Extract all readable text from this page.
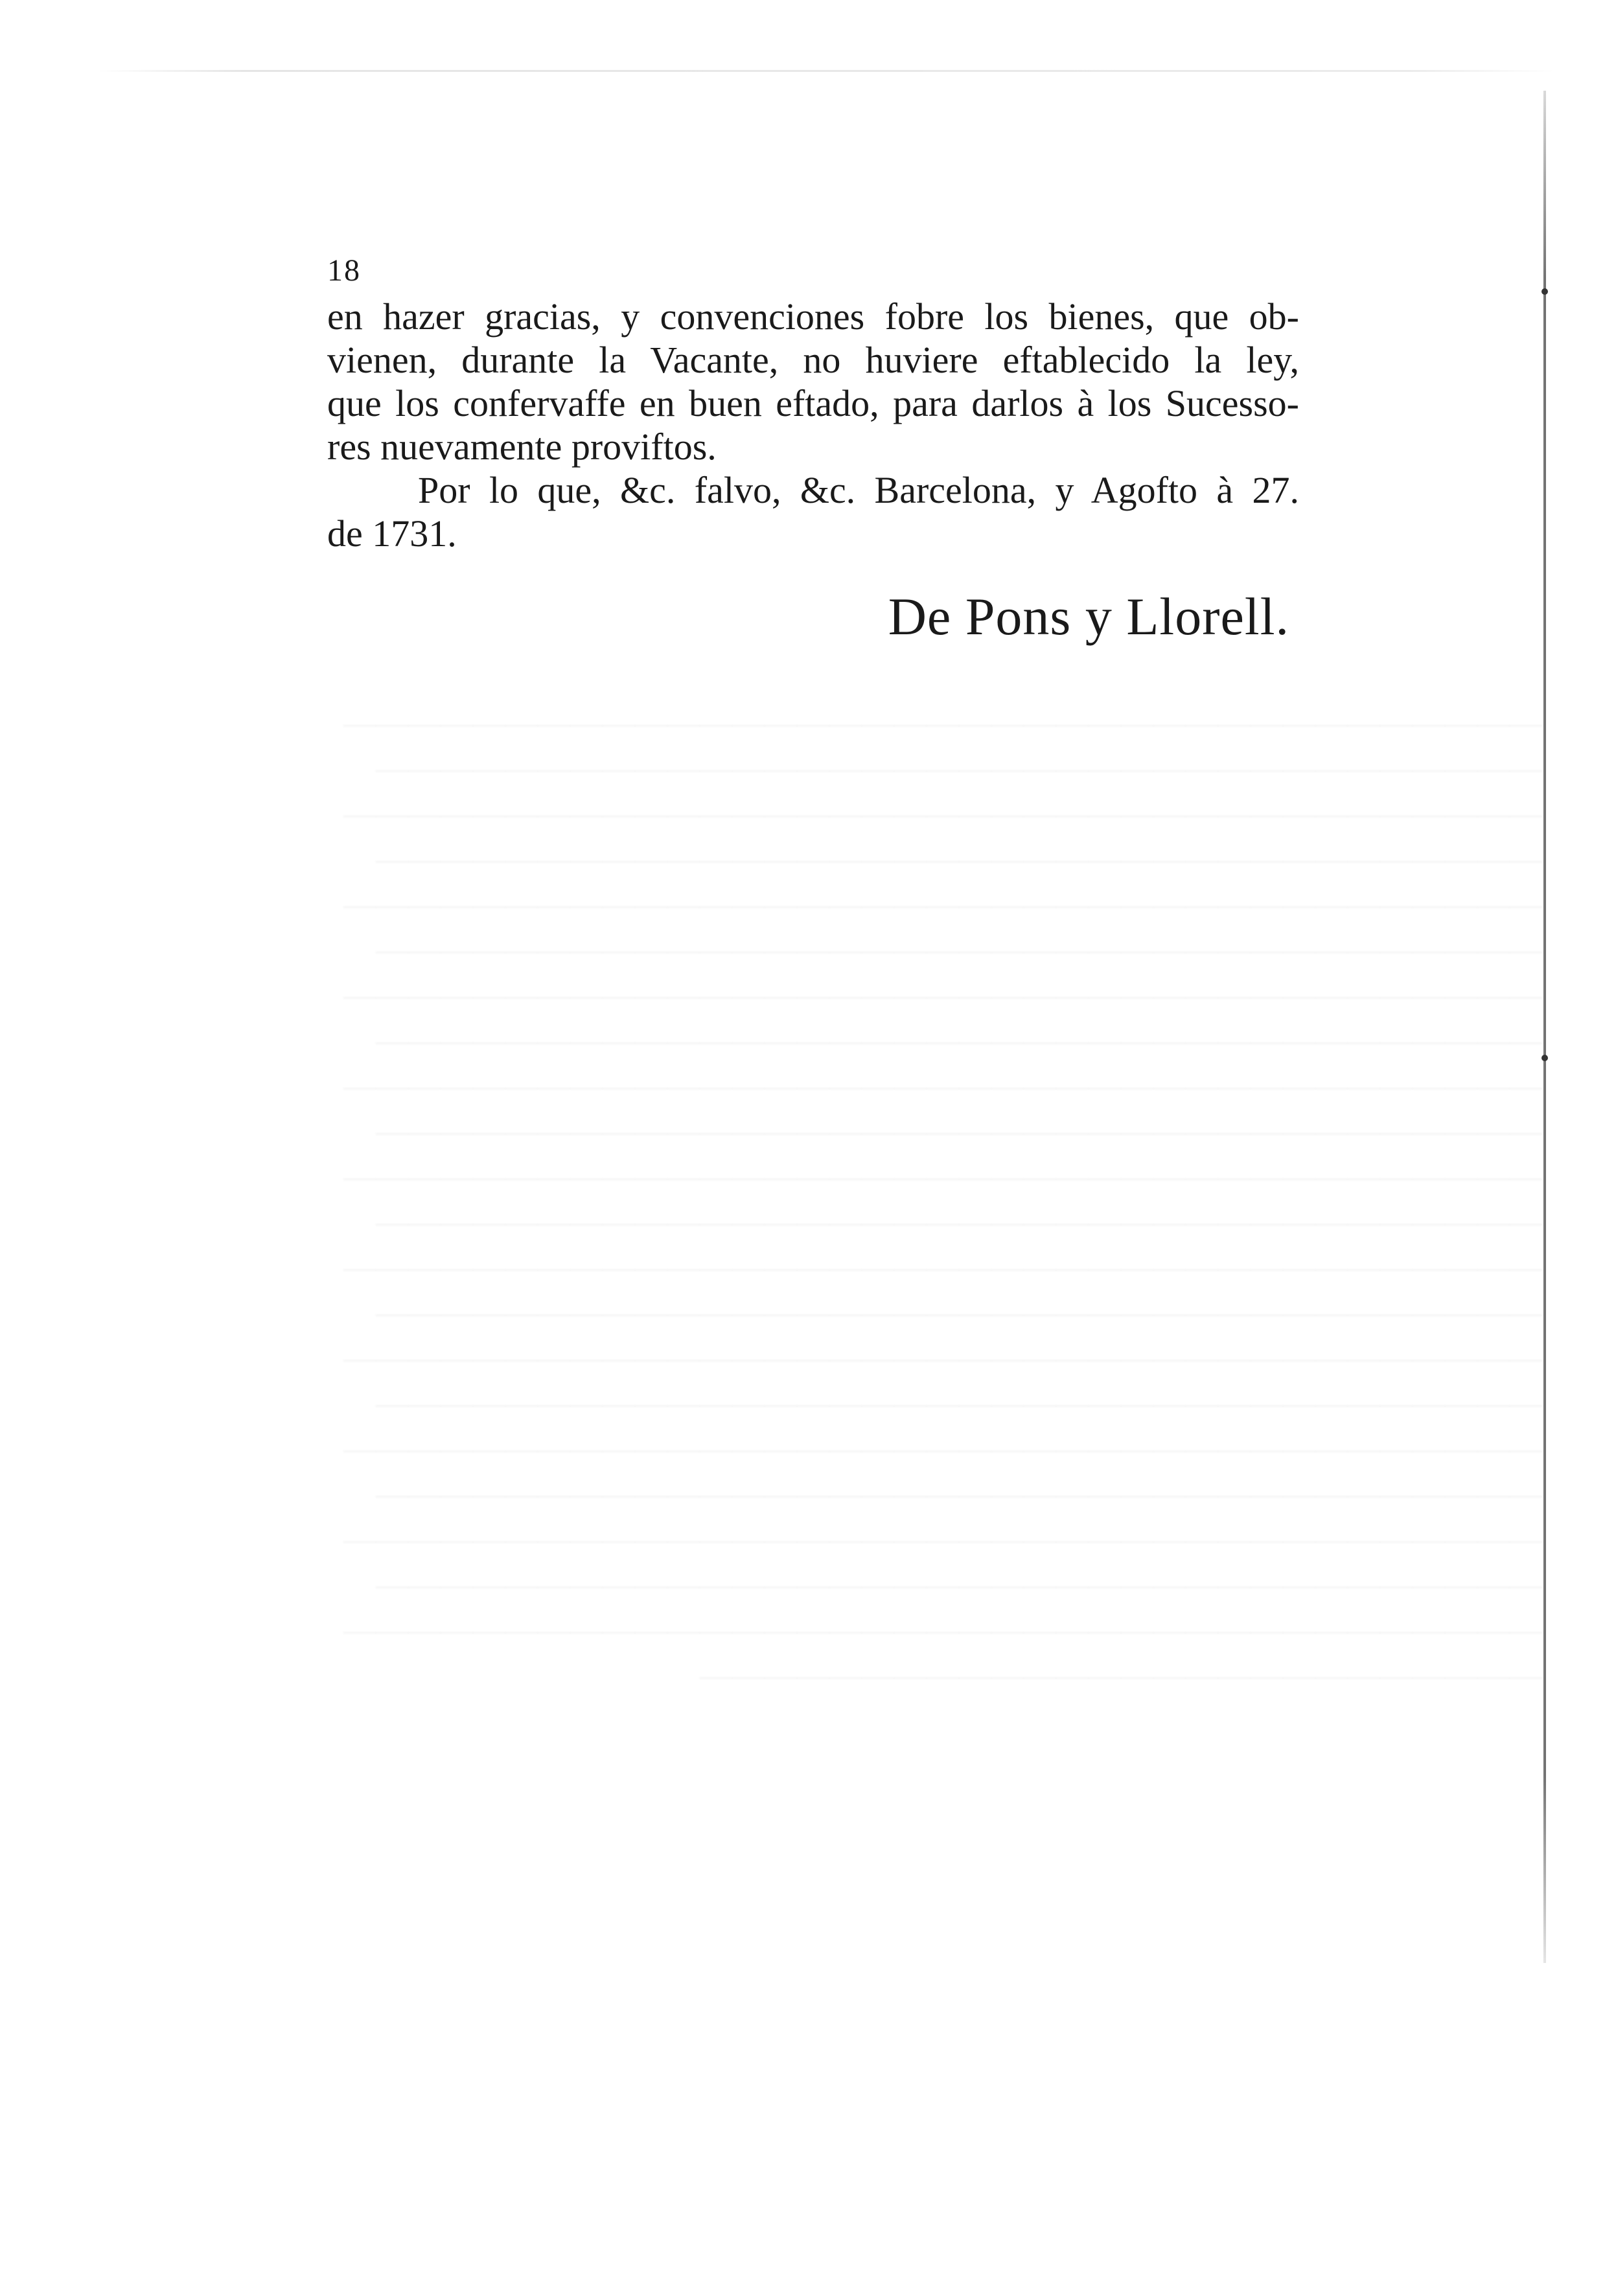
18
en hazer gracias, y convenciones fobre los bienes, que ob-
vienen, durante la Vacante, no huviere eftablecido la ley,
que los confervaffe en buen eftado, para darlos à los Sucesso-
res nuevamente proviftos.
Por lo que, &c. falvo, &c. Barcelona, y Agofto à 27.
de 1731.
De Pons y Llorell.
